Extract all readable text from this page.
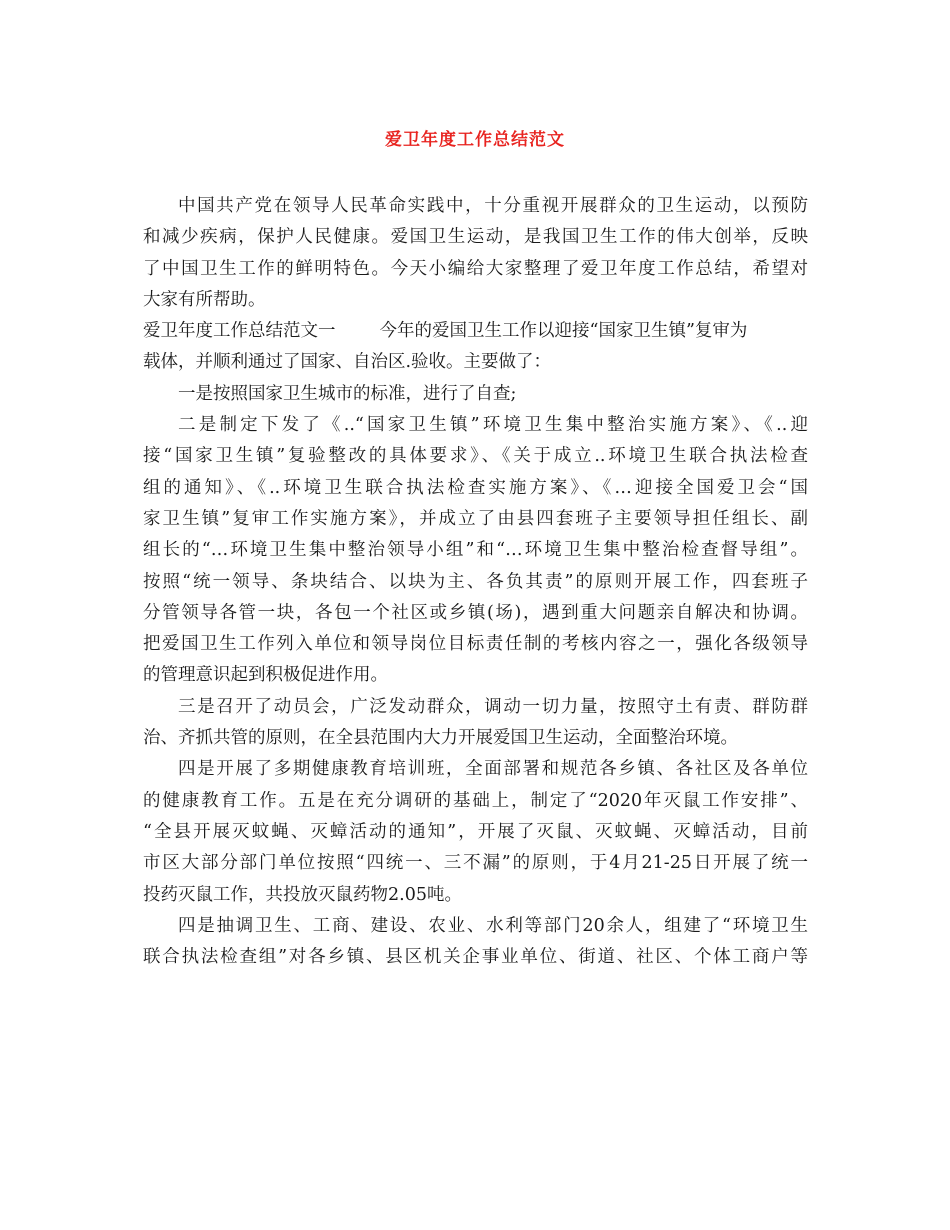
爱卫年度工作总结范文
中国共产党在领导人民革命实践中，十分重视开展群众的卫生运动，以预防
和减少疾病，保护人民健康。爱国卫生运动，是我国卫生工作的伟大创举，反映
了中国卫生工作的鲜明特色。今天小编给大家整理了爱卫年度工作总结，希望对
大家有所帮助。
爱卫年度工作总结范文一	今年的爱国卫生工作以迎接“国家卫生镇”复审为
载体，并顺利通过了国家、自治区.验收。主要做了：
一是按照国家卫生城市的标准，进行了自查;
二是制定下发了《..“国家卫生镇”环境卫生集中整治实施方案》、《..迎
接“国家卫生镇”复验整改的具体要求》、《关于成立..环境卫生联合执法检查
组的通知》、《..环境卫生联合执法检查实施方案》、《…迎接全国爱卫会“国
家卫生镇”复审工作实施方案》，并成立了由县四套班子主要领导担任组长、副
组长的“…环境卫生集中整治领导小组”和“…环境卫生集中整治检查督导组”。
按照“统一领导、条块结合、以块为主、各负其责”的原则开展工作，四套班子
分管领导各管一块，各包一个社区或乡镇(场)，遇到重大问题亲自解决和协调。
把爱国卫生工作列入单位和领导岗位目标责任制的考核内容之一，强化各级领导
的管理意识起到积极促进作用。
三是召开了动员会，广泛发动群众，调动一切力量，按照守土有责、群防群
治、齐抓共管的原则，在全县范围内大力开展爱国卫生运动，全面整治环境。
四是开展了多期健康教育培训班，全面部署和规范各乡镇、各社区及各单位
的健康教育工作。五是在充分调研的基础上，制定了“2020年灭鼠工作安排”、
“全县开展灭蚊蝇、灭蟑活动的通知”，开展了灭鼠、灭蚊蝇、灭蟑活动，目前
市区大部分部门单位按照“四统一、三不漏”的原则，于4月21-25日开展了统一
投药灭鼠工作，共投放灭鼠药物2.05吨。
四是抽调卫生、工商、建设、农业、水利等部门20余人，组建了“环境卫生
联合执法检查组”对各乡镇、县区机关企事业单位、街道、社区、个体工商户等
